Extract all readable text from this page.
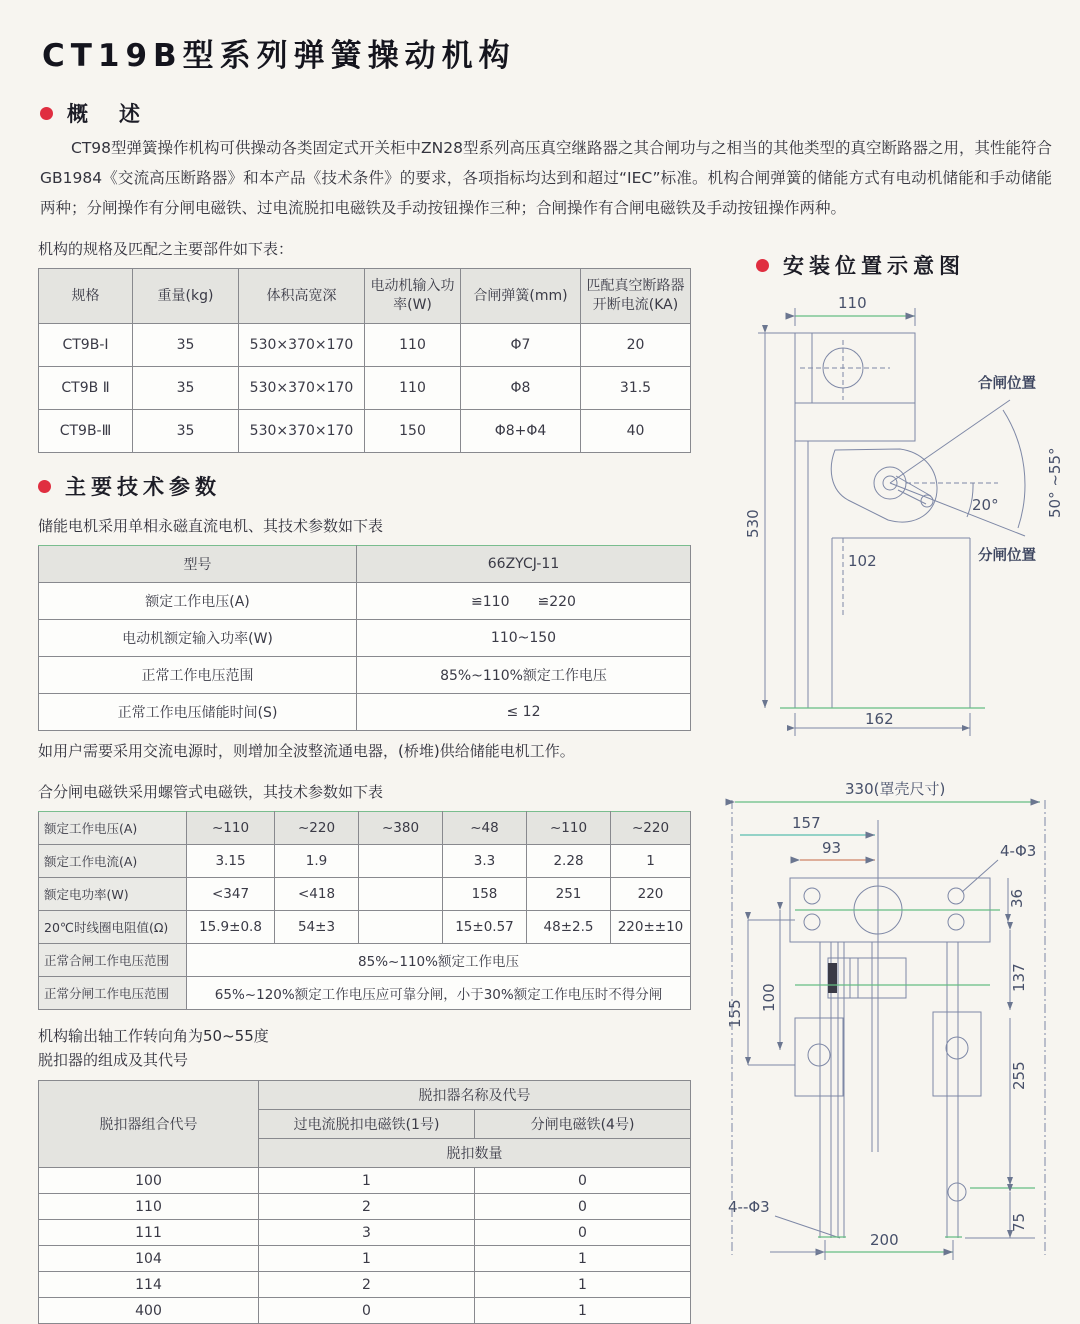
CT19B型系列弹簧操动机构
概　述

CT98型弹簧操作机构可供操动各类固定式开关柜中ZN28型系列高压真空继路器之其合闸功与之相当的其他类型的真空断路器之用，其性能符合GB1984《交流高压断路器》和本产品《技术条件》的要求，各项指标均达到和超过“IEC”标准。机构合闸弹簧的储能方式有电动机储能和手动储能两种；分闸操作有分闸电磁铁、过电流脱扣电磁铁及手动按钮操作三种；合闸操作有合闸电磁铁及手动按钮操作两种。

机构的规格及匹配之主要部件如下表：
规格	重量(kg)	体积高宽深	电动机输入功率(W)	合闸弹簧(mm)	匹配真空断路器开断电流(KA)
CT9B-Ⅰ	35	530×370×170	110	Φ7	20
CT9B Ⅱ	35	530×370×170	110	Φ8	31.5
CT9B-Ⅲ	35	530×370×170	150	Φ8+Φ4	40
主要技术参数
储能电机采用单相永磁直流电机、其技术参数如下表
型号	66ZYCJ-11
额定工作电压(A)	≌110　　≌220
电动机额定输入功率(W)	110~150
正常工作电压范围	85%~110%额定工作电压
正常工作电压储能时间(S)	≤ 12
如用户需要采用交流电源时，则增加全波整流通电器，(桥堆)供给储能电机工作。
合分闸电磁铁采用螺管式电磁铁，其技术参数如下表
额定工作电压(A)	~110	~220	~380	~48	~110	~220
额定工作电流(A)	3.15	1.9		3.3	2.28	1
额定电功率(W)	<347	<418		158	251	220
20℃时线圈电阻值(Ω)	15.9±0.8	54±3		15±0.57	48±2.5	220±±10
正常合闸工作电压范围	85%~110%额定工作电压					
正常分闸工作电压范围	65%~120%额定工作电压应可靠分闸，小于30%额定工作电压时不得分闸					
机构输出轴工作转向角为50~55度
脱扣器的组成及其代号
脱扣器组合代号	脱扣器名称及代号	
	过电流脱扣电磁铁(1号)	分闸电磁铁(4号)
	脱扣数量	
100	1	0
110	2	0
111	3	0
104	1	1
114	2	1
400	0	1
安装位置示意图
110
102
合闸位置
20°	50° ~55°
分闸位置
530
162
330(罩壳尺寸)
157
93	4-Φ3
36
155
100
137
255
75
200
4--Φ3
